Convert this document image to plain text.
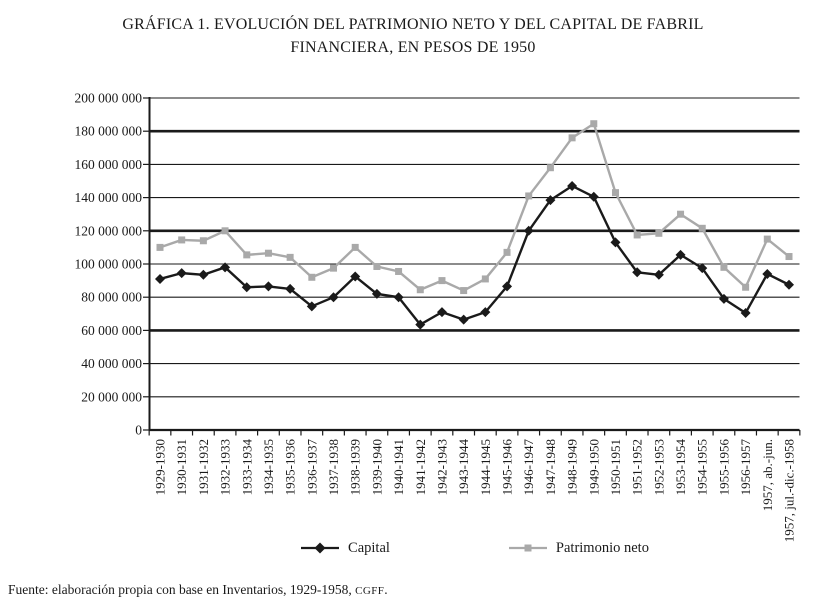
GRÁFICA 1. EVOLUCIÓN DEL PATRIMONIO NETO Y DEL CAPITAL DE FABRIL
FINANCIERA, EN PESOS DE 1950
0
20 000 000
40 000 000
60 000 000
80 000 000
100 000 000
120 000 000
140 000 000
160 000 000
180 000 000
200 000 000
1929-1930 1930-1931 1931-1932 1932-1933 1933-1934 1934-1935 1935-1936 1936-1937 1937-1938 1938-1939 1939-1940 1940-1941 1941-1942 1942-1943 1943-1944 1944-1945 1945-1946 1946-1947 1947-1948 1948-1949 1949-1950 1950-1951 1951-1952 1952-1953 1953-1954 1954-1955 1955-1956 1956-1957 1957, ab.-jun. 1957, jul.-dic.-1958
Capital	Patrimonio neto
Fuente: elaboración propia con base en Inventarios, 1929-1958, CGFF.
